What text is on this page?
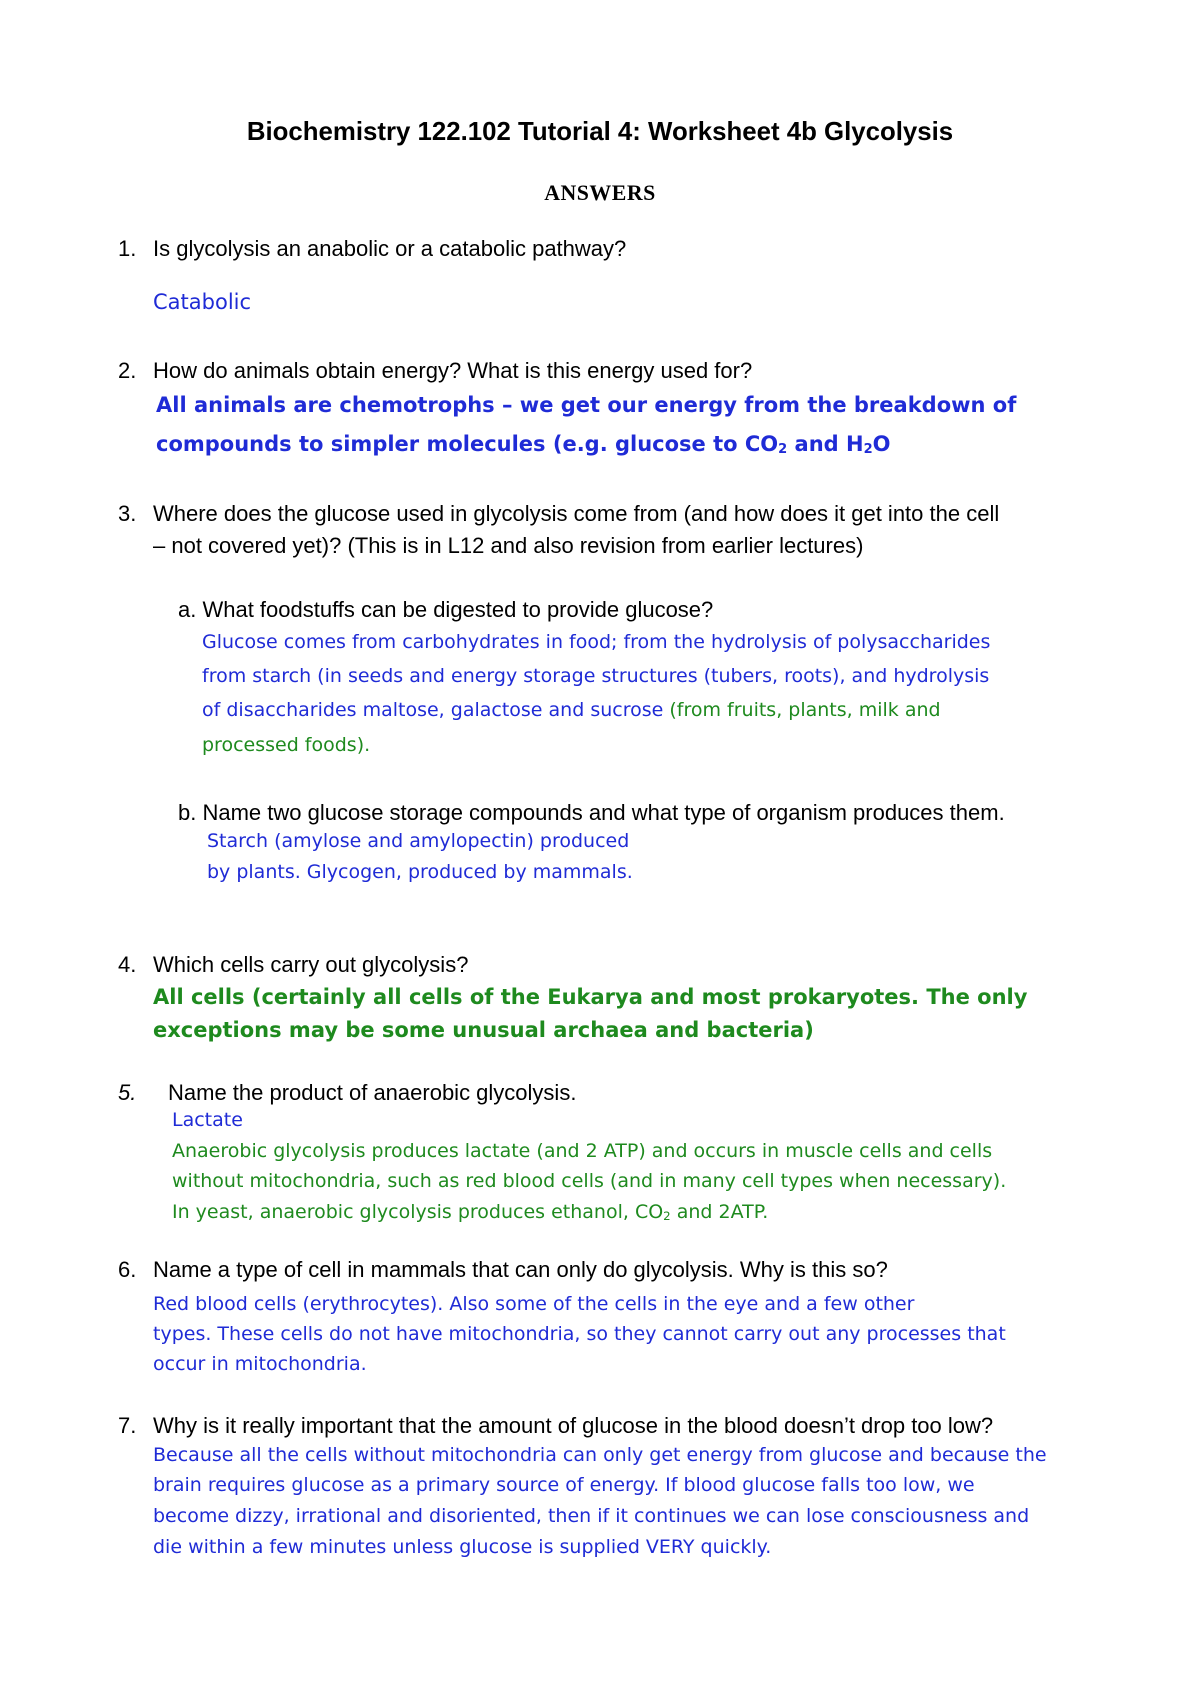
Biochemistry 122.102 Tutorial 4: Worksheet 4b Glycolysis
ANSWERS
1. Is glycolysis an anabolic or a catabolic pathway?
Catabolic
2. How do animals obtain energy? What is this energy used for?
All animals are chemotrophs – we get our energy from the breakdown of
compounds to simpler molecules (e.g. glucose to $CO_2$ and $H_2O$
3. Where does the glucose used in glycolysis come from (and how does it get into the cell
– not covered yet)? (This is in L12 and also revision from earlier lectures)
a. What foodstuffs can be digested to provide glucose?
Glucose comes from carbohydrates in food; from the hydrolysis of polysaccharides
from starch (in seeds and energy storage structures (tubers, roots), and hydrolysis
of disaccharides maltose, galactose and sucrose (from fruits, plants, milk and
processed foods).
b. Name two glucose storage compounds and what type of organism produces them.
Starch (amylose and amylopectin) produced
by plants. Glycogen, produced by mammals.
4. Which cells carry out glycolysis?
All cells (certainly all cells of the Eukarya and most prokaryotes. The only
exceptions may be some unusual archaea and bacteria)
5. Name the product of anaerobic glycolysis.
Lactate
Anaerobic glycolysis produces lactate (and 2 ATP) and occurs in muscle cells and cells
without mitochondria, such as red blood cells (and in many cell types when necessary).
In yeast, anaerobic glycolysis produces ethanol, $CO_2$ and 2ATP.
6. Name a type of cell in mammals that can only do glycolysis. Why is this so?
Red blood cells (erythrocytes). Also some of the cells in the eye and a few other
types. These cells do not have mitochondria, so they cannot carry out any processes that
occur in mitochondria.
7. Why is it really important that the amount of glucose in the blood doesn’t drop too low?
Because all the cells without mitochondria can only get energy from glucose and because the
brain requires glucose as a primary source of energy. If blood glucose falls too low, we
become dizzy, irrational and disoriented, then if it continues we can lose consciousness and
die within a few minutes unless glucose is supplied VERY quickly.
